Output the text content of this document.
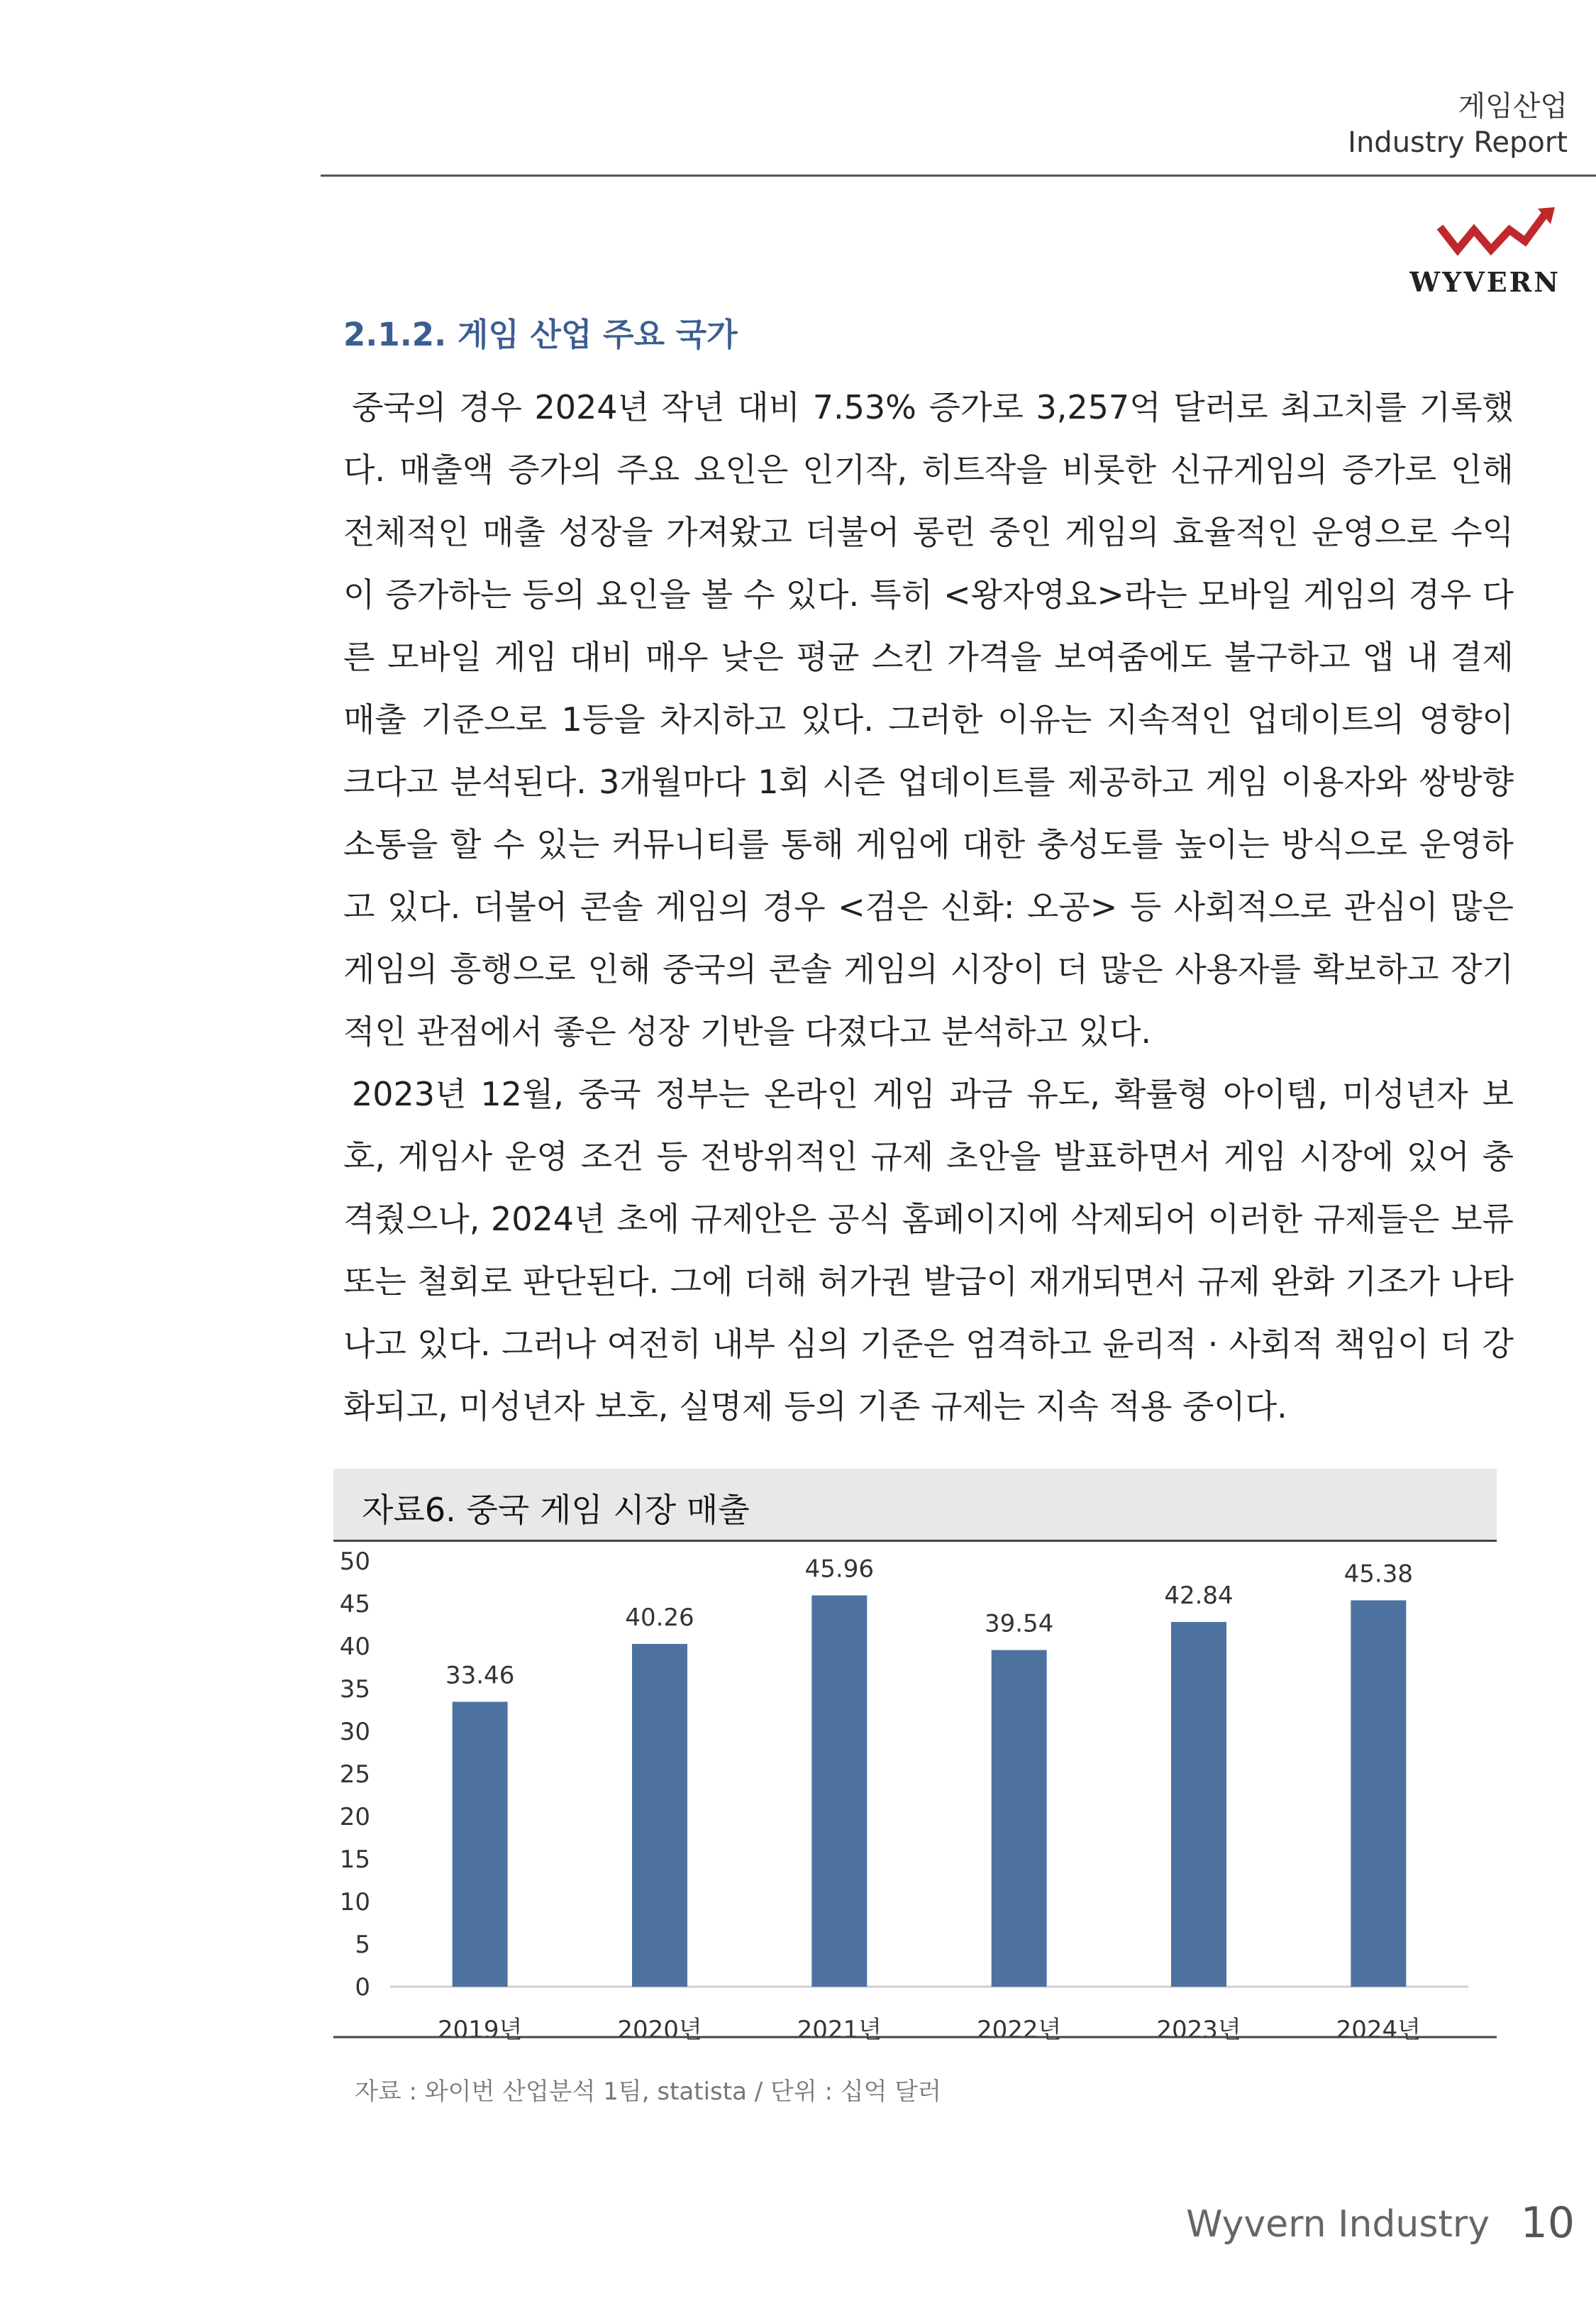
게임산업
Industry Report
WYVERN
2.1.2. 게임 산업 주요 국가

중국의 경우 2024년 작년 대비 7.53% 증가로 3,257억 달러로 최고치를 기록했다. 매출액 증가의 주요 요인은 인기작, 히트작을 비롯한 신규게임의 증가로 인해 전체적인 매출 성장을 가져왔고 더불어 롱런 중인 게임의 효율적인 운영으로 수익이 증가하는 등의 요인을 볼 수 있다. 특히 <왕자영요>라는 모바일 게임의 경우 다른 모바일 게임 대비 매우 낮은 평균 스킨 가격을 보여줌에도 불구하고 앱 내 결제 매출 기준으로 1등을 차지하고 있다. 그러한 이유는 지속적인 업데이트의 영향이 크다고 분석된다. 3개월마다 1회 시즌 업데이트를 제공하고 게임 이용자와 쌍방향 소통을 할 수 있는 커뮤니티를 통해 게임에 대한 충성도를 높이는 방식으로 운영하고 있다. 더불어 콘솔 게임의 경우 <검은 신화: 오공> 등 사회적으로 관심이 많은 게임의 흥행으로 인해 중국의 콘솔 게임의 시장이 더 많은 사용자를 확보하고 장기적인 관점에서 좋은 성장 기반을 다졌다고 분석하고 있다.

2023년 12월, 중국 정부는 온라인 게임 과금 유도, 확률형 아이템, 미성년자 보호, 게임사 운영 조건 등 전방위적인 규제 초안을 발표하면서 게임 시장에 있어 충격줬으나, 2024년 초에 규제안은 공식 홈페이지에 삭제되어 이러한 규제들은 보류 또는 철회로 판단된다. 그에 더해 허가권 발급이 재개되면서 규제 완화 기조가 나타나고 있다. 그러나 여전히 내부 심의 기준은 엄격하고 윤리적 · 사회적 책임이 더 강화되고, 미성년자 보호, 실명제 등의 기존 규제는 지속 적용 중이다.

자료6. 중국 게임 시장 매출
0
5
10
15
20
25
30
35
40
45
50
33.46
2019년
40.26
2020년
45.96
2021년
39.54
2022년
42.84
2023년
45.38
2024년
자료 : 와이번 산업분석 1팀, statista / 단위 : 십억 달러
Wyvern Industry 10
